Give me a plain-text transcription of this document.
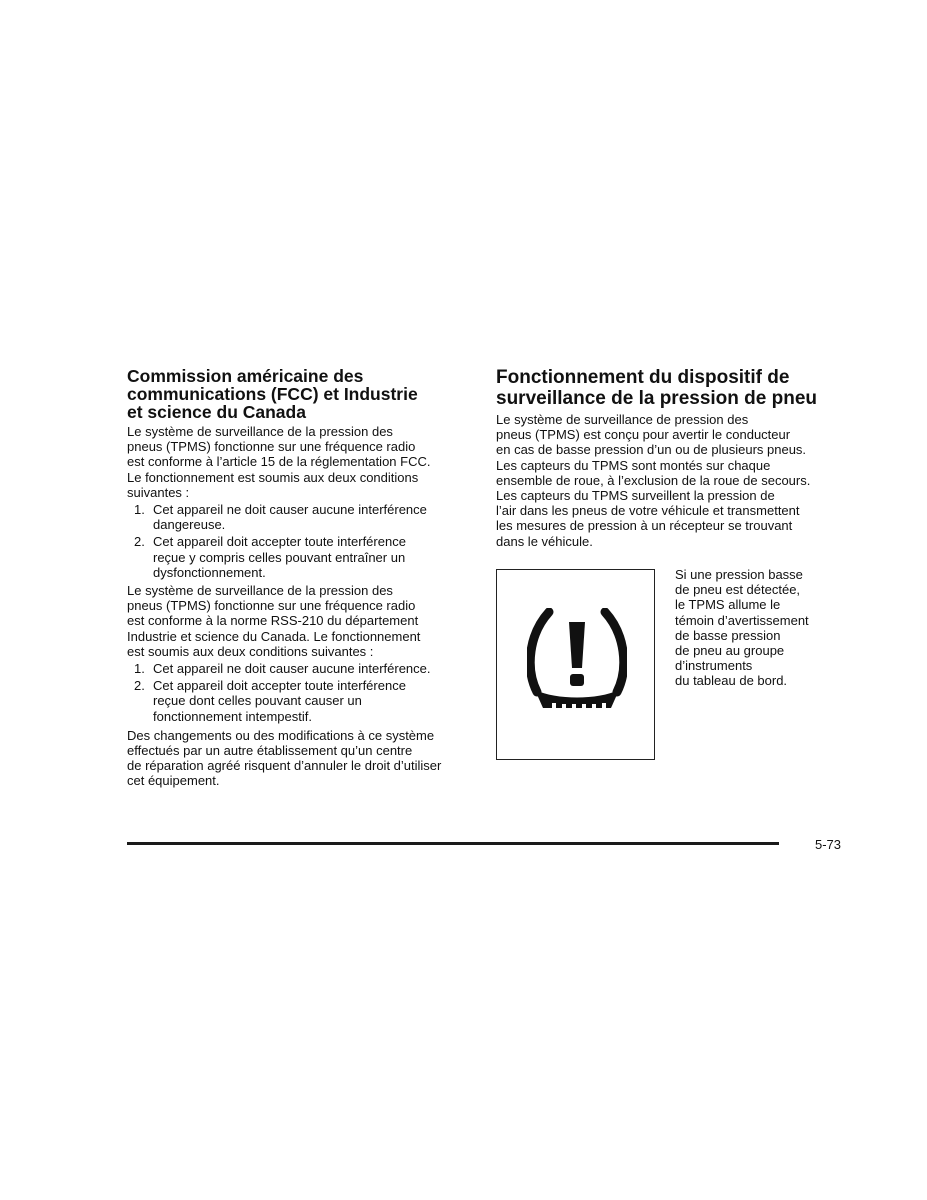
Commission américaine des
communications (FCC) et Industrie
et science du Canada
Le système de surveillance de la pression des
pneus (TPMS) fonctionne sur une fréquence radio
est conforme à l’article 15 de la réglementation FCC.
Le fonctionnement est soumis aux deux conditions
suivantes :
1. Cet appareil ne doit causer aucune interférence
dangereuse.
2. Cet appareil doit accepter toute interférence
reçue y compris celles pouvant entraîner un
dysfonctionnement.
Le système de surveillance de la pression des
pneus (TPMS) fonctionne sur une fréquence radio
est conforme à la norme RSS-210 du département
Industrie et science du Canada. Le fonctionnement
est soumis aux deux conditions suivantes :
1. Cet appareil ne doit causer aucune interférence.
2. Cet appareil doit accepter toute interférence
reçue dont celles pouvant causer un
fonctionnement intempestif.
Des changements ou des modifications à ce système
effectués par un autre établissement qu’un centre
de réparation agréé risquent d’annuler le droit d’utiliser
cet équipement.
Fonctionnement du dispositif de
surveillance de la pression de pneu
Le système de surveillance de pression des
pneus (TPMS) est conçu pour avertir le conducteur
en cas de basse pression d’un ou de plusieurs pneus.
Les capteurs du TPMS sont montés sur chaque
ensemble de roue, à l’exclusion de la roue de secours.
Les capteurs du TPMS surveillent la pression de
l’air dans les pneus de votre véhicule et transmettent
les mesures de pression à un récepteur se trouvant
dans le véhicule.
Si une pression basse
de pneu est détectée,
le TPMS allume le
témoin d’avertissement
de basse pression
de pneu au groupe
d’instruments
du tableau de bord.
5-73
